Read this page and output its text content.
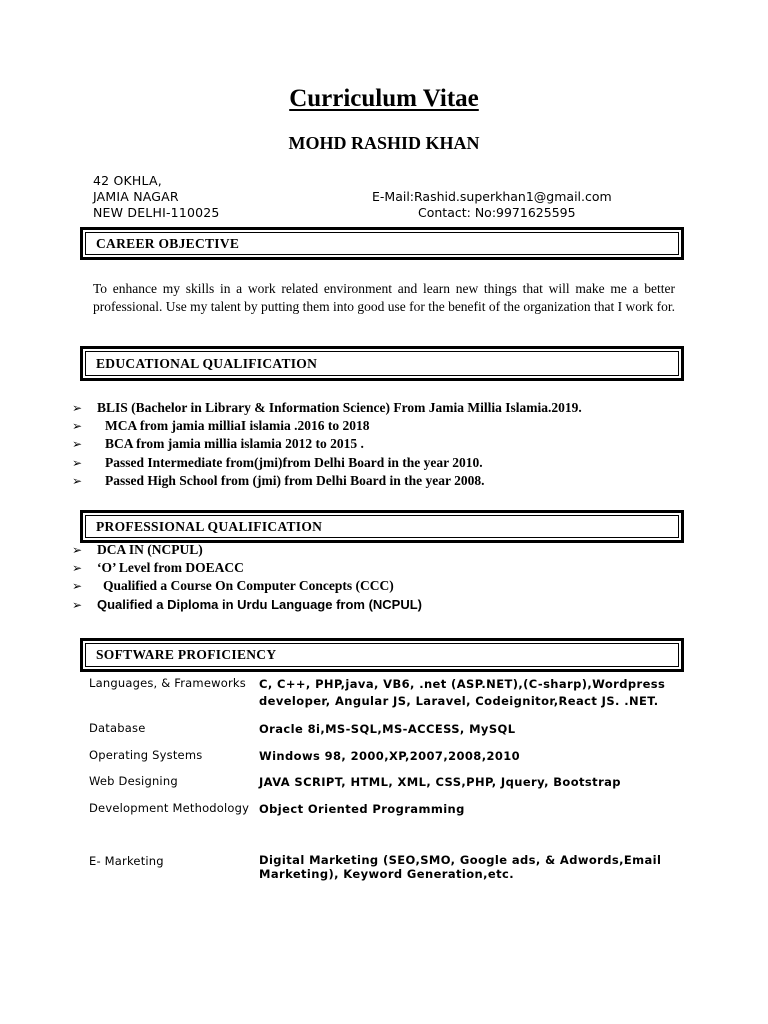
Curriculum Vitae
MOHD RASHID KHAN
42 OKHLA,
JAMIA NAGAR
NEW DELHI-110025
E-Mail:Rashid.superkhan1@gmail.com
Contact: No:9971625595
CAREER OBJECTIVE
To enhance my skills in a work related environment and learn new things that will make me a better professional. Use my talent by putting them into good use for the benefit of the organization that I work for.
EDUCATIONAL QUALIFICATION
➢ BLIS (Bachelor in Library & Information Science) From Jamia Millia Islamia.2019.
➢ MCA from jamia milliaI islamia .2016 to 2018
➢ BCA from jamia millia islamia 2012 to 2015 .
➢ Passed Intermediate from(jmi)from Delhi Board in the year 2010.
➢ Passed High School from (jmi) from Delhi Board in the year 2008.
PROFESSIONAL QUALIFICATION
➢ DCA IN (NCPUL)
➢ ‘O’ Level from DOEACC
➢ Qualified a Course On Computer Concepts (CCC)
➢ Qualified a Diploma in Urdu Language from (NCPUL)
SOFTWARE PROFICIENCY
Languages, & Frameworks C, C++, PHP,java, VB6, .net (ASP.NET),(C-sharp),Wordpress
developer, Angular JS, Laravel, Codeignitor,React JS. .NET.
Database	Oracle 8i,MS-SQL,MS-ACCESS, MySQL
Operating Systems	Windows 98, 2000,XP,2007,2008,2010
Web Designing	JAVA SCRIPT, HTML, XML, CSS,PHP, Jquery, Bootstrap
Development Methodology Object Oriented Programming
E- Marketing	Digital Marketing (SEO,SMO, Google ads, & Adwords,Email
Marketing), Keyword Generation,etc.
